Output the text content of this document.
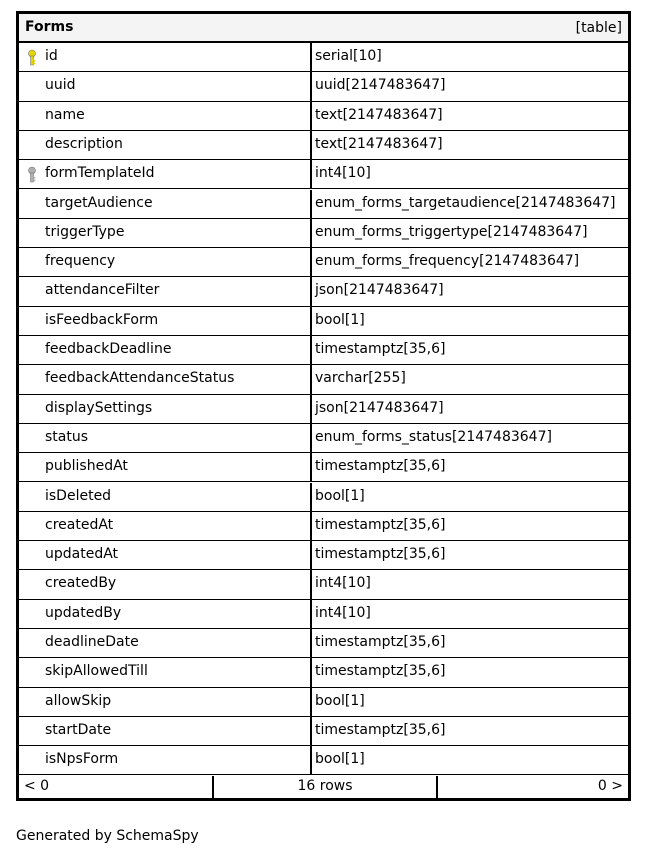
Forms	[table]
id	serial[10]
uuid	uuid[2147483647]
name	text[2147483647]
description	text[2147483647]
formTemplateId	int4[10]
targetAudience	enum_forms_targetaudience[2147483647]
triggerType	enum_forms_triggertype[2147483647]
frequency	enum_forms_frequency[2147483647]
attendanceFilter	json[2147483647]
isFeedbackForm	bool[1]
feedbackDeadline	timestamptz[35,6]
feedbackAttendanceStatus	varchar[255]
displaySettings	json[2147483647]
status	enum_forms_status[2147483647]
publishedAt	timestamptz[35,6]
isDeleted	bool[1]
createdAt	timestamptz[35,6]
updatedAt	timestamptz[35,6]
createdBy	int4[10]
updatedBy	int4[10]
deadlineDate	timestamptz[35,6]
skipAllowedTill	timestamptz[35,6]
allowSkip	bool[1]
startDate	timestamptz[35,6]
isNpsForm	bool[1]
< 0	16 rows	0 >
Generated by SchemaSpy
